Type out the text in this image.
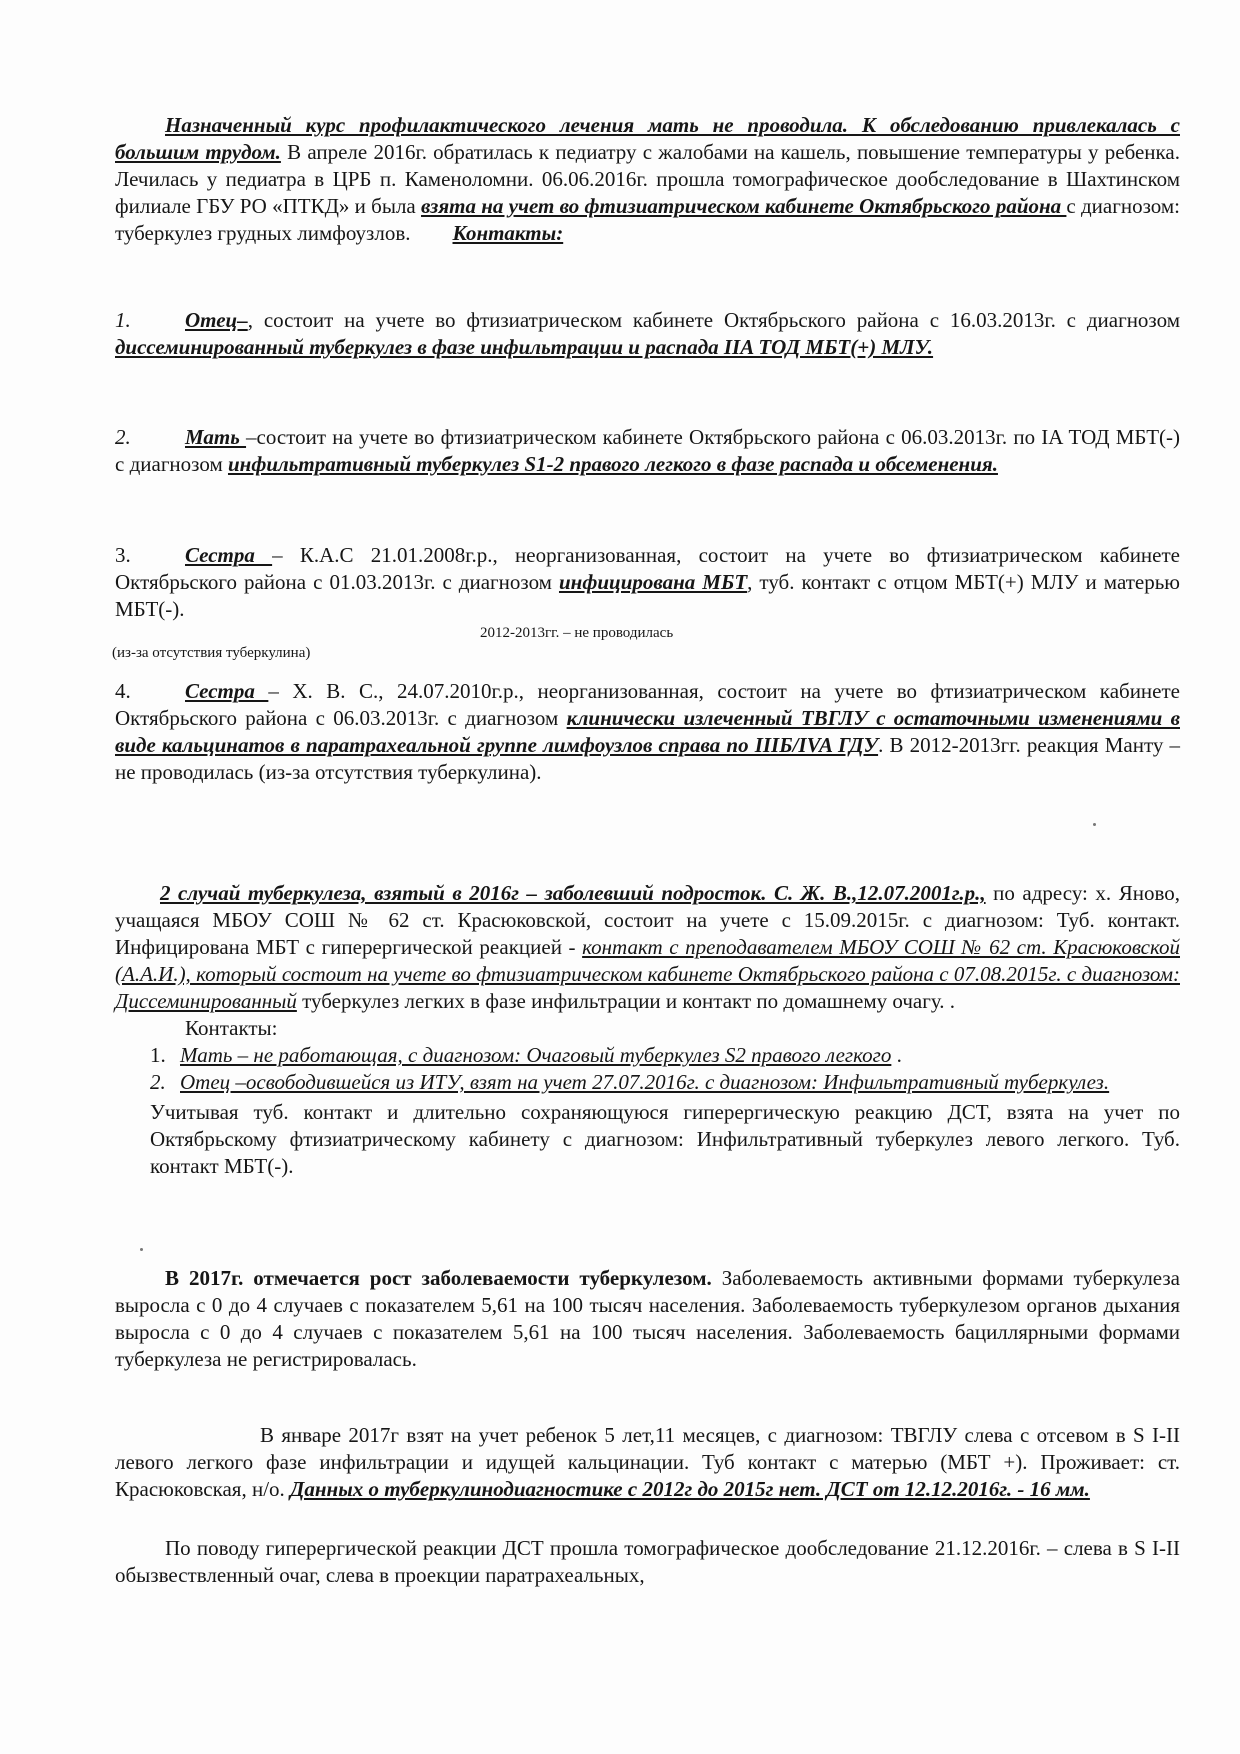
Назначенный курс профилактического лечения мать не проводила. К обследованию привлекалась с большим трудом. В апреле 2016г. обратилась к педиатру с жалобами на кашель, повышение температуры у ребенка. Лечилась у педиатра в ЦРБ п. Каменоломни. 06.06.2016г. прошла томографическое дообследование в Шахтинском филиале ГБУ РО «ПТКД» и была взята на учет во фтизиатрическом кабинете Октябрьского района с диагнозом: туберкулез грудных лимфоузлов. Контакты:

1.	Отец–, состоит на учете во фтизиатрическом кабинете Октябрьского района с 16.03.2013г. с диагнозом диссеминированный туберкулез в фазе инфильтрации и распада IIA ТОД МБТ(+) МЛУ.

2.	Мать –состоит на учете во фтизиатрическом кабинете Октябрьского района с 06.03.2013г. по IA ТОД МБТ(-) с диагнозом инфильтративный туберкулез S1-2 правого легкого в фазе распада и обсеменения.

3.	Сестра – К.А.С 21.01.2008г.р., неорганизованная, состоит на учете во фтизиатрическом кабинете Октябрьского района с 01.03.2013г. с диагнозом инфицирована МБТ, туб. контакт с отцом МБТ(+) МЛУ и матерью МБТ(-).

2012-2013гг. – не проводилась

(из-за отсутствия туберкулина)

4.	Сестра – Х. В. С., 24.07.2010г.р., неорганизованная, состоит на учете во фтизиатрическом кабинете Октябрьского района с 06.03.2013г. с диагнозом клинически излеченный ТВГЛУ с остаточными изменениями в виде кальцинатов в паратрахеальной группе лимфоузлов справа по IIIБ/IVA ГДУ. В 2012-2013гг. реакция Манту – не проводилась (из-за отсутствия туберкулина).

2 случай туберкулеза, взятый в 2016г – заболевший подросток. С. Ж. В.,12.07.2001г.р., по адресу: х. Яново, учащаяся МБОУ СОШ № 62 ст. Красюковской, состоит на учете с 15.09.2015г. с диагнозом: Туб. контакт. Инфицирована МБТ с гиперергической реакцией - контакт с преподавателем МБОУ СОШ № 62 ст. Красюковской (А.А.И.), который состоит на учете во фтизиатрическом кабинете Октябрьского района с 07.08.2015г. с диагнозом: Диссеминированный туберкулез легких в фазе инфильтрации и контакт по домашнему очагу. .

Контакты:

1. Мать – не работающая, с диагнозом: Очаговый туберкулез S2 правого легкого .

2. Отец –освободившейся из ИТУ, взят на учет 27.07.2016г. с диагнозом: Инфильтративный туберкулез.

Учитывая туб. контакт и длительно сохраняющуюся гиперергическую реакцию ДСТ, взята на учет по Октябрьскому фтизиатрическому кабинету с диагнозом: Инфильтративный туберкулез левого легкого. Туб. контакт МБТ(-).

В 2017г. отмечается рост заболеваемости туберкулезом. Заболеваемость активными формами туберкулеза выросла с 0 до 4 случаев с показателем 5,61 на 100 тысяч населения. Заболеваемость туберкулезом органов дыхания выросла с 0 до 4 случаев с показателем 5,61 на 100 тысяч населения. Заболеваемость бациллярными формами туберкулеза не регистрировалась.

В январе 2017г взят на учет ребенок 5 лет,11 месяцев, с диагнозом: ТВГЛУ слева с отсевом в S I-II левого легкого фазе инфильтрации и идущей кальцинации. Туб контакт с матерью (МБТ +). Проживает: ст. Красюковская, н/о. Данных о туберкулинодиагностике с 2012г до 2015г нет. ДСТ от 12.12.2016г. - 16 мм.

По поводу гиперергической реакции ДСТ прошла томографическое дообследование 21.12.2016г. – слева в S I-II обызвествленный очаг, слева в проекции паратрахеальных,
